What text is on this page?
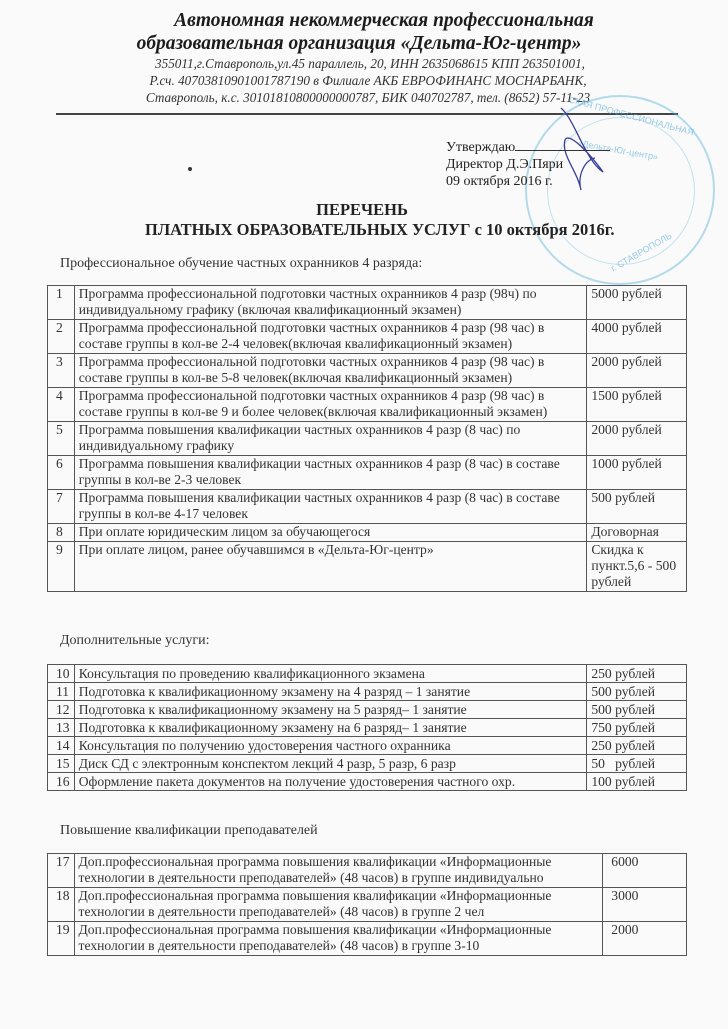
Автономная некоммерческая профессиональная
образовательная организация «Дельта-Юг-центр»
355011,г.Ставрополь,ул.45 параллель, 20, ИНН 2635068615 КПП 263501001,
Р.сч. 40703810901001787190 в Филиале АКБ ЕВРОФИНАНС МОСНАРБАНК,
Ставрополь, к.с. 30101810800000000787, БИК 040702787, тел. (8652) 57-11-23
СКАЯ ПРОФЕССИОНАЛЬНАЯ
«Дельта-Юг-центр»
г. СТАВРОПОЛЬ
Утверждаю
Директор Д.Э.Пяри
09 октября 2016 г.
ПЕРЕЧЕНЬ
ПЛАТНЫХ ОБРАЗОВАТЕЛЬНЫХ УСЛУГ с 10 октября 2016г.
Профессиональное обучение частных охранников 4 разряда:
1	Программа профессиональной подготовки частных охранников 4 разр (98ч) по индивидуальному графику (включая квалификационный экзамен)	5000 рублей
2	Программа профессиональной подготовки частных охранников 4 разр (98 час) в составе группы в кол-ве 2-4 человек(включая квалификационный экзамен)	4000 рублей
3	Программа профессиональной подготовки частных охранников 4 разр (98 час) в составе группы в кол-ве 5-8 человек(включая квалификационный экзамен)	2000 рублей
4	Программа профессиональной подготовки частных охранников 4 разр (98 час) в составе группы в кол-ве 9 и более человек(включая квалификационный экзамен)	1500 рублей
5	Программа повышения квалификации частных охранников 4 разр (8 час) по индивидуальному графику	2000 рублей
6	Программа повышения квалификации частных охранников 4 разр (8 час) в составе группы в кол-ве 2-3 человек	1000 рублей
7	Программа повышения квалификации частных охранников 4 разр (8 час) в составе группы в кол-ве 4-17 человек	500 рублей
8	При оплате юридическим лицом за обучающегося	Договорная
9	При оплате лицом, ранее обучавшимся в «Дельта-Юг-центр»	Скидка к пункт.5,6 - 500 рублей
Дополнительные услуги:
10	Консультация по проведению квалификационного экзамена	250 рублей
11	Подготовка к квалификационному экзамену на 4 разряд – 1 занятие	500 рублей
12	Подготовка к квалификационному экзамену на 5 разряд– 1 занятие	500 рублей
13	Подготовка к квалификационному экзамену на 6 разряд– 1 занятие	750 рублей
14	Консультация по получению удостоверения частного охранника	250 рублей
15	Диск СД с электронным конспектом лекций 4 разр, 5 разр, 6 разр	50   рублей
16	Оформление пакета документов на получение удостоверения частного охр.	100 рублей
Повышение квалификации преподавателей
17	Доп.профессиональная программа повышения квалификации «Информационные технологии в деятельности преподавателей» (48 часов) в группе индивидуально	6000
18	Доп.профессиональная программа повышения квалификации «Информационные технологии в деятельности преподавателей» (48 часов) в группе 2 чел	3000
19	Доп.профессиональная программа повышения квалификации «Информационные технологии в деятельности преподавателей» (48 часов) в группе 3-10	2000
